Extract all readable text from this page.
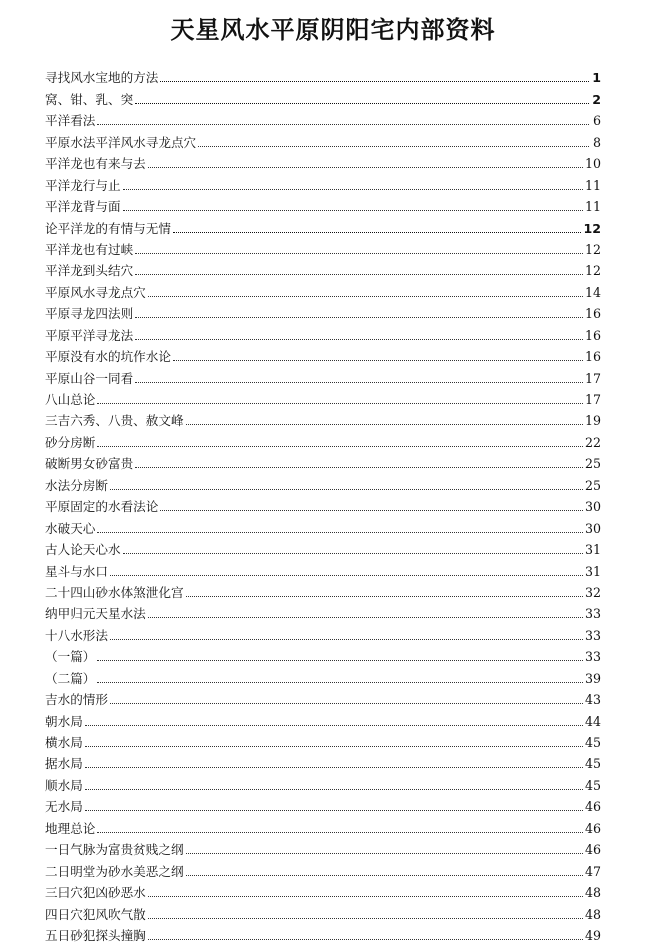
天星风水平原阴阳宅内部资料
寻找风水宝地的方法	1
窝、钳、乳、突	2
平洋看法	6
平原水法平洋风水寻龙点穴	8
平洋龙也有来与去	10
平洋龙行与止	11
平洋龙背与面	11
论平洋龙的有情与无情	12
平洋龙也有过峡	12
平洋龙到头结穴	12
平原风水寻龙点穴	14
平原寻龙四法则	16
平原平洋寻龙法	16
平原没有水的坑作水论	16
平原山谷一同看	17
八山总论	17
三吉六秀、八贵、赦文峰	19
砂分房断	22
破断男女砂富贵	25
水法分房断	25
平原固定的水看法论	30
水破天心	30
古人论天心水	31
星斗与水口	31
二十四山砂水体煞泄化宫	32
纳甲归元天星水法	33
十八水形法	33
（一篇）	33
（二篇）	39
吉水的情形	43
朝水局	44
横水局	45
据水局	45
顺水局	45
无水局	46
地理总论	46
一日气脉为富贵贫贱之纲	46
二日明堂为砂水美恶之纲	47
三曰穴犯凶砂恶水	48
四日穴犯风吹气散	48
五日砂犯探头撞胸	49
